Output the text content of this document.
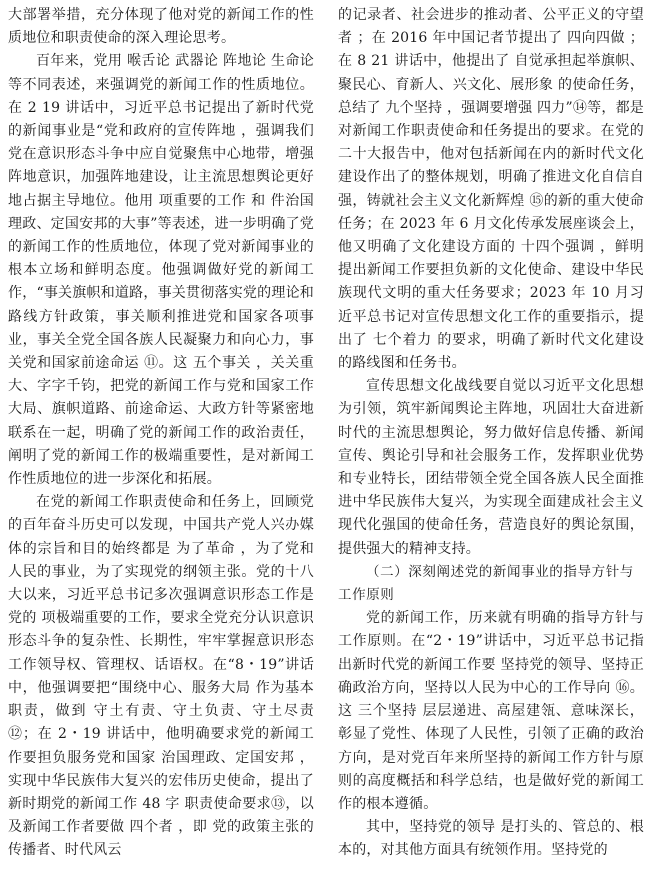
大部署举措，充分体现了他对党的新闻工作的性质地位和职责使命的深入理论思考。

百年来，党用 喉舌论 武器论 阵地论 生命论 等不同表述，来强调党的新闻工作的性质地位。在 2 19 讲话中，习近平总书记提出了新时代党的新闻事业是“党和政府的宣传阵地 ，强调我们党在意识形态斗争中应自觉聚焦中心地带，增强阵地意识，加强阵地建设，让主流思想舆论更好地占据主导地位。他用 项重要的工作 和 件治国理政、定国安邦的大事”等表述，进一步明确了党的新闻工作的性质地位，体现了党对新闻事业的根本立场和鲜明态度。他强调做好党的新闻工作，“事关旗帜和道路，事关贯彻落实党的理论和路线方针政策，事关顺利推进党和国家各项事业，事关全党全国各族人民凝聚力和向心力，事关党和国家前途命运 ⑪。这 五个事关 ，关关重大、字字千钧，把党的新闻工作与党和国家工作大局、旗帜道路、前途命运、大政方针等紧密地联系在一起，明确了党的新闻工作的政治责任，阐明了党的新闻工作的极端重要性，是对新闻工作性质地位的进一步深化和拓展。

在党的新闻工作职责使命和任务上，回顾党的百年奋斗历史可以发现，中国共产党人兴办媒体的宗旨和目的始终都是 为了革命 ，为了党和人民的事业，为了实现党的纲领主张。党的十八大以来，习近平总书记多次强调意识形态工作是党的 项极端重要的工作，要求全党充分认识意识形态斗争的复杂性、长期性，牢牢掌握意识形态工作领导权、管理权、话语权。在“8・19”讲话中，他强调要把“围绕中心、服务大局 作为基本职责，做到 守土有责、守土负责、守土尽责 ⑫；在 2・19 讲话中，他明确要求党的新闻工作要担负服务党和国家 治国理政、定国安邦 ，实现中华民族伟大复兴的宏伟历史使命，提出了新时期党的新闻工作 48 字 职责使命要求⑬，以及新闻工作者要做 四个者 ，即 党的政策主张的传播者、时代风云

的记录者、社会进步的推动者、公平正义的守望者 ；在 2016 年中国记者节提出了 四向四做 ；在 8 21 讲话中，他提出了 自觉承担起举旗帜、聚民心、育新人、兴文化、展形象 的使命任务，总结了 九个坚持 ，强调要增强 四力”⑭等，都是对新闻工作职责使命和任务提出的要求。在党的二十大报告中，他对包括新闻在内的新时代文化建设作出了的整体规划，明确了推进文化自信自强，铸就社会主义文化新辉煌 ⑮的新的重大使命任务；在 2023 年 6 月文化传承发展座谈会上，他又明确了文化建设方面的 十四个强调 ，鲜明提出新闻工作要担负新的文化使命、建设中华民族现代文明的重大任务要求；2023 年 10 月习近平总书记对宣传思想文化工作的重要指示，提出了 七个着力 的要求，明确了新时代文化建设的路线图和任务书。

宣传思想文化战线要自觉以习近平文化思想为引领，筑牢新闻舆论主阵地，巩固壮大奋进新时代的主流思想舆论，努力做好信息传播、新闻宣传、舆论引导和社会服务工作，发挥职业优势和专业特长，团结带领全党全国各族人民全面推进中华民族伟大复兴，为实现全面建成社会主义现代化强国的使命任务，营造良好的舆论氛围，提供强大的精神支持。

（二）深刻阐述党的新闻事业的指导方针与工作原则

党的新闻工作，历来就有明确的指导方针与工作原则。在“2・19”讲话中，习近平总书记指出新时代党的新闻工作要 坚持党的领导、坚持正确政治方向，坚持以人民为中心的工作导向 ⑯。这 三个坚持 层层递进、高屋建瓴、意味深长，彰显了党性、体现了人民性，引领了正确的政治方向，是对党百年来所坚持的新闻工作方针与原则的高度概括和科学总结，也是做好党的新闻工作的根本遵循。

其中，坚持党的领导 是打头的、管总的、根本的，对其他方面具有统领作用。坚持党的
